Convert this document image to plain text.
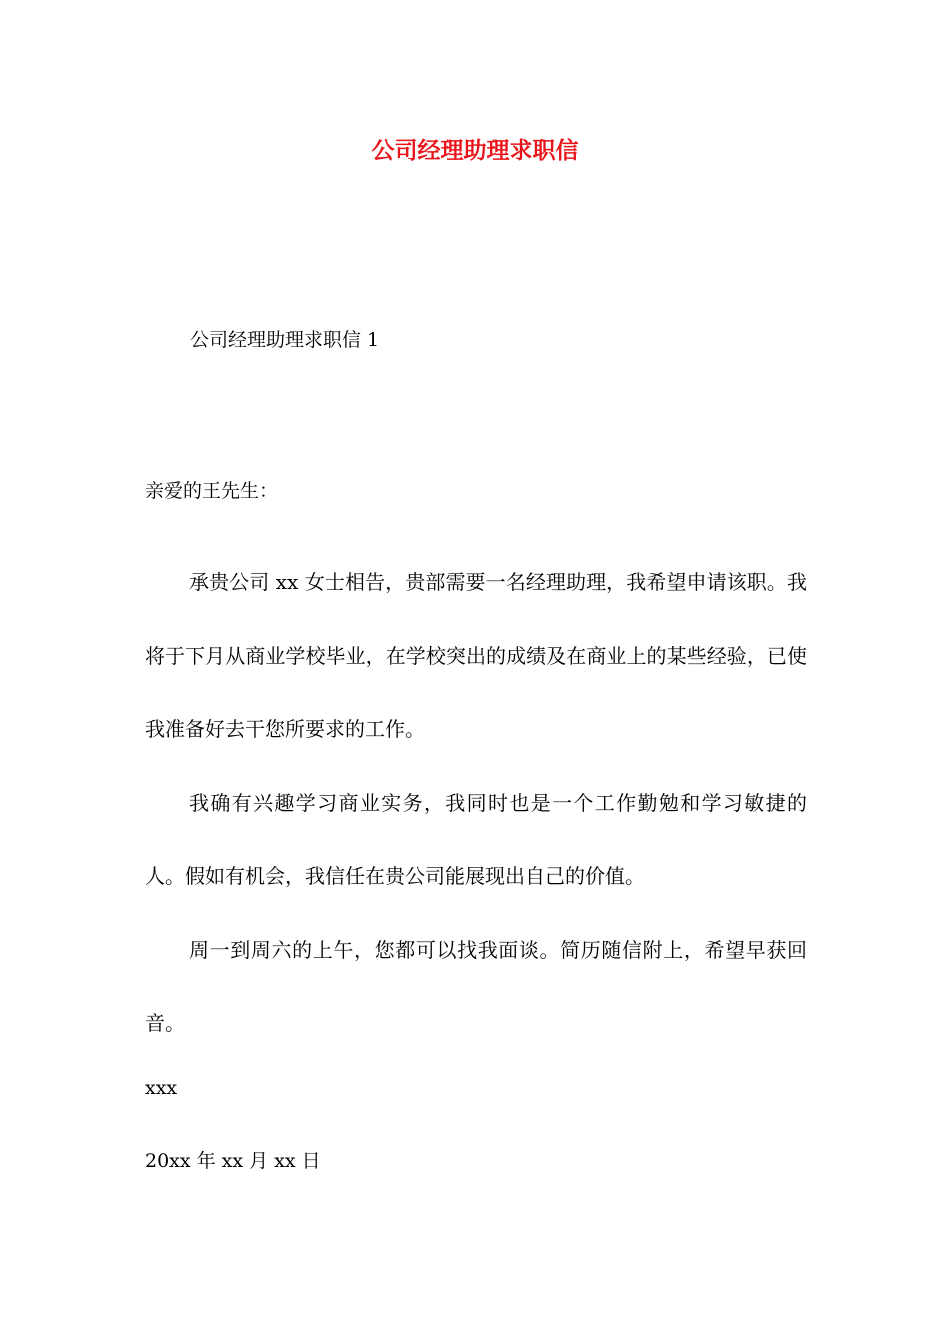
公司经理助理求职信

公司经理助理求职信 1

亲爱的王先生：

承贵公司 xx 女士相告，贵部需要一名经理助理，我希望申请该职。我将于下月从商业学校毕业，在学校突出的成绩及在商业上的某些经验，已使我准备好去干您所要求的工作。

我确有兴趣学习商业实务，我同时也是一个工作勤勉和学习敏捷的人。假如有机会，我信任在贵公司能展现出自己的价值。

周一到周六的上午，您都可以找我面谈。简历随信附上，希望早获回音。

xxx

20xx 年 xx 月 xx 日
